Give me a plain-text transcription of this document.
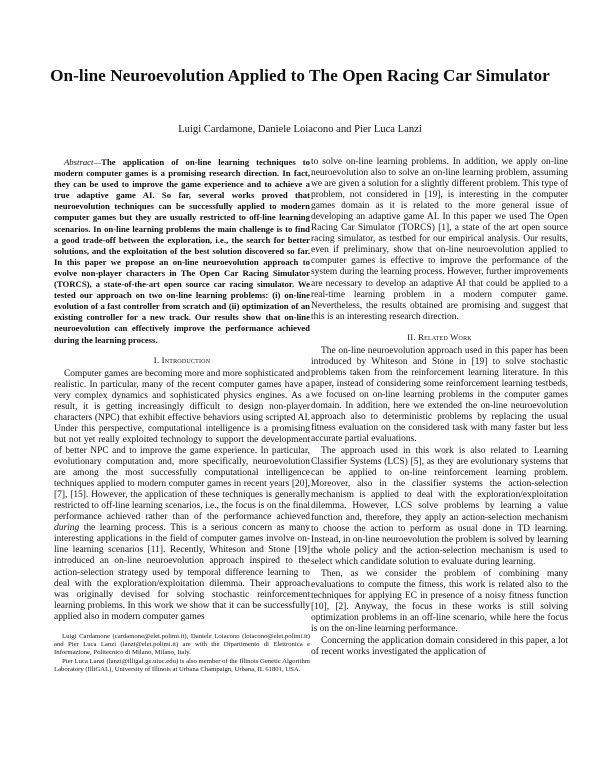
On-line Neuroevolution Applied to The Open Racing Car Simulator
Luigi Cardamone, Daniele Loiacono and Pier Luca Lanzi

Abstract—The application of on-line learning techniques to modern computer games is a promising research direction. In fact, they can be used to improve the game experience and to achieve a true adaptive game AI. So far, several works proved that neuroevolution techniques can be successfully applied to modern computer games but they are usually restricted to off-line learning scenarios. In on-line learning problems the main challenge is to find a good trade-off between the exploration, i.e., the search for better solutions, and the exploitation of the best solution discovered so far. In this paper we propose an on-line neuroevolution approach to evolve non-player characters in The Open Car Racing Simulator (TORCS), a state-of-the-art open source car racing simulator. We tested our approach on two on-line learning problems: (i) on-line evolution of a fast controller from scratch and (ii) optimization of an existing controller for a new track. Our results show that on-line neuroevolution can effectively improve the performance achieved during the learning process.

I. Introduction

Computer games are becoming more and more sophisticated and realistic. In particular, many of the recent computer games have a very complex dynamics and sophisticated physics engines. As a result, it is getting increasingly difficult to design non-player characters (NPC) that exhibit effective behaviors using scripted AI. Under this perspective, computational intelligence is a promising but not yet really exploited technology to support the development of better NPC and to improve the game experience. In particular, evolutionary computation and, more specifically, neuroevolution are among the most successfully computational intelligence techniques applied to modern computer games in recent years [20], [7], [15]. However, the application of these techniques is generally restricted to off-line learning scenarios, i.e., the focus is on the final performance achieved rather than of the performance achieved during the learning process. This is a serious concern as many interesting applications in the field of computer games involve on-line learning scenarios [11]. Recently, Whiteson and Stone [19] introduced an on-line neuroevolution approach inspired to the action-selection strategy used by temporal difference learning to deal with the exploration/exploitation dilemma. Their approach was originally devised for solving stochastic reinforcement learning problems. In this work we show that it can be successfully applied also in modern computer games

Luigi Cardamone (cardamone@elet.polimi.it), Daniele Loiacono (loiacono@elet.polimi.it) and Pier Luca Lanzi (lanzi@elet.polimi.it) are with the Dipartimento di Elettronica e Informazione, Politecnico di Milano, Milano, Italy.

Pier Luca Lanzi (lanzi@illigal.ge.uiuc.edu) is also member of the Illinois Genetic Algorithm Laboratory (IlliGAL), University of Illinois at Urbana Champaign, Urbana, IL 61801, USA.

to solve on-line learning problems. In addition, we apply on-line neuroevolution also to solve an on-line learning problem, assuming we are given a solution for a slightly different problem. This type of problem, not considered in [19], is interesting in the computer games domain as it is related to the more general issue of developing an adaptive game AI. In this paper we used The Open Racing Car Simulator (TORCS) [1], a state of the art open source racing simulator, as testbed for our empirical analysis. Our results, even if preliminary, show that on-line neuroevolution applied to computer games is effective to improve the performance of the system during the learning process. However, further improvements are necessary to develop an adaptive AI that could be applied to a real-time learning problem in a modern computer game. Nevertheless, the results obtained are promising and suggest that this is an interesting research direction.

II. Related Work

The on-line neuroevolution approach used in this paper has been introduced by Whiteson and Stone in [19] to solve stochastic problems taken from the reinforcement learning literature. In this paper, instead of considering some reinforcement learning testbeds, we focused on on-line learning problems in the computer games domain. In addition, here we extended the on-line neuroevolution approach also to deterministic problems by replacing the usual fitness evaluation on the considered task with many faster but less accurate partial evaluations.

The approach used in this work is also related to Learning Classifier Systems (LCS) [5], as they are evolutionary systems that can be applied to on-line reinforcement learning problem. Moreover, also in the classifier systems the action-selection mechanism is applied to deal with the exploration/exploitation dilemma. However, LCS solve problems by learning a value function and, therefore, they apply an action-selection mechanism to choose the action to perform as usual done in TD learning. Instead, in on-line neuroevolution the problem is solved by learning the whole policy and the action-selection mechanism is used to select which candidate solution to evaluate during learning.

Then, as we consider the problem of combining many evaluations to compute the fitness, this work is related also to the techniques for applying EC in presence of a noisy fitness function [10], [2]. Anyway, the focus in these works is still solving optimization problems in an off-line scenario, while here the focus is on the on-line learning performance.

Concerning the application domain considered in this paper, a lot of recent works investigated the application of
